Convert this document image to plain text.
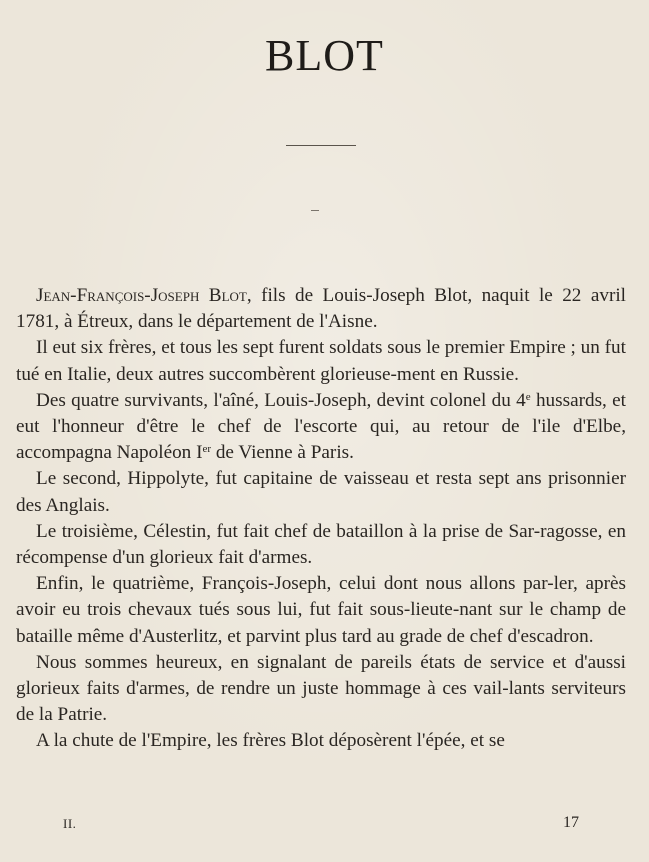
BLOT

Jean-François-Joseph Blot, fils de Louis-Joseph Blot, naquit le 22 avril 1781, à Étreux, dans le département de l'Aisne.

Il eut six frères, et tous les sept furent soldats sous le premier Empire ; un fut tué en Italie, deux autres succombèrent glorieuse-ment en Russie.

Des quatre survivants, l'aîné, Louis-Joseph, devint colonel du 4e hussards, et eut l'honneur d'être le chef de l'escorte qui, au retour de l'ile d'Elbe, accompagna Napoléon Ier de Vienne à Paris.

Le second, Hippolyte, fut capitaine de vaisseau et resta sept ans prisonnier des Anglais.

Le troisième, Célestin, fut fait chef de bataillon à la prise de Sar-ragosse, en récompense d'un glorieux fait d'armes.

Enfin, le quatrième, François-Joseph, celui dont nous allons par-ler, après avoir eu trois chevaux tués sous lui, fut fait sous-lieute-nant sur le champ de bataille même d'Austerlitz, et parvint plus tard au grade de chef d'escadron.

Nous sommes heureux, en signalant de pareils états de service et d'aussi glorieux faits d'armes, de rendre un juste hommage à ces vail-lants serviteurs de la Patrie.

A la chute de l'Empire, les frères Blot déposèrent l'épée, et se

II.	17
